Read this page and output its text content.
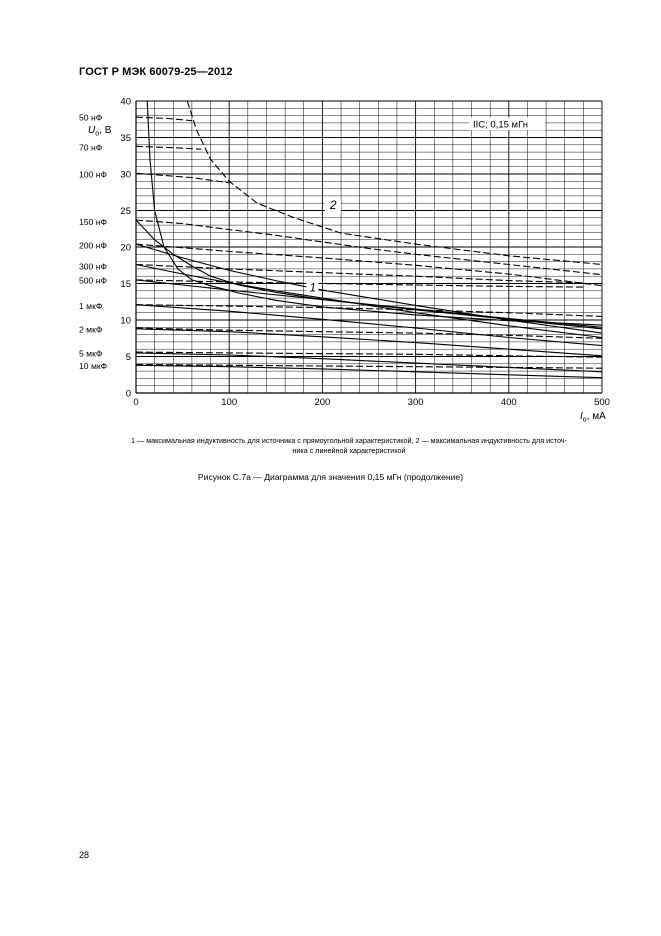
ГОСТ Р МЭК 60079-25—2012
0	100	200	300	400	500
0
5
10
15
20
25
30
35
40
50 нФ
70 нФ
100 нФ
150 нФ
200 нФ
300 нФ
500 нФ
1 мкФ
2 мкФ
5 мкФ
10 мкФ
$U_o$, В
$I_o$, мА
IIC; 0,15 мГн
2
1
1 — максимальная индуктивность для источника с прямоугольной характеристикой, 2 — максимальная индуктивность для источ-
ника с линейной характеристикой
Рисунок С.7а — Диаграмма для значения 0,15 мГн (продолжение)
28
